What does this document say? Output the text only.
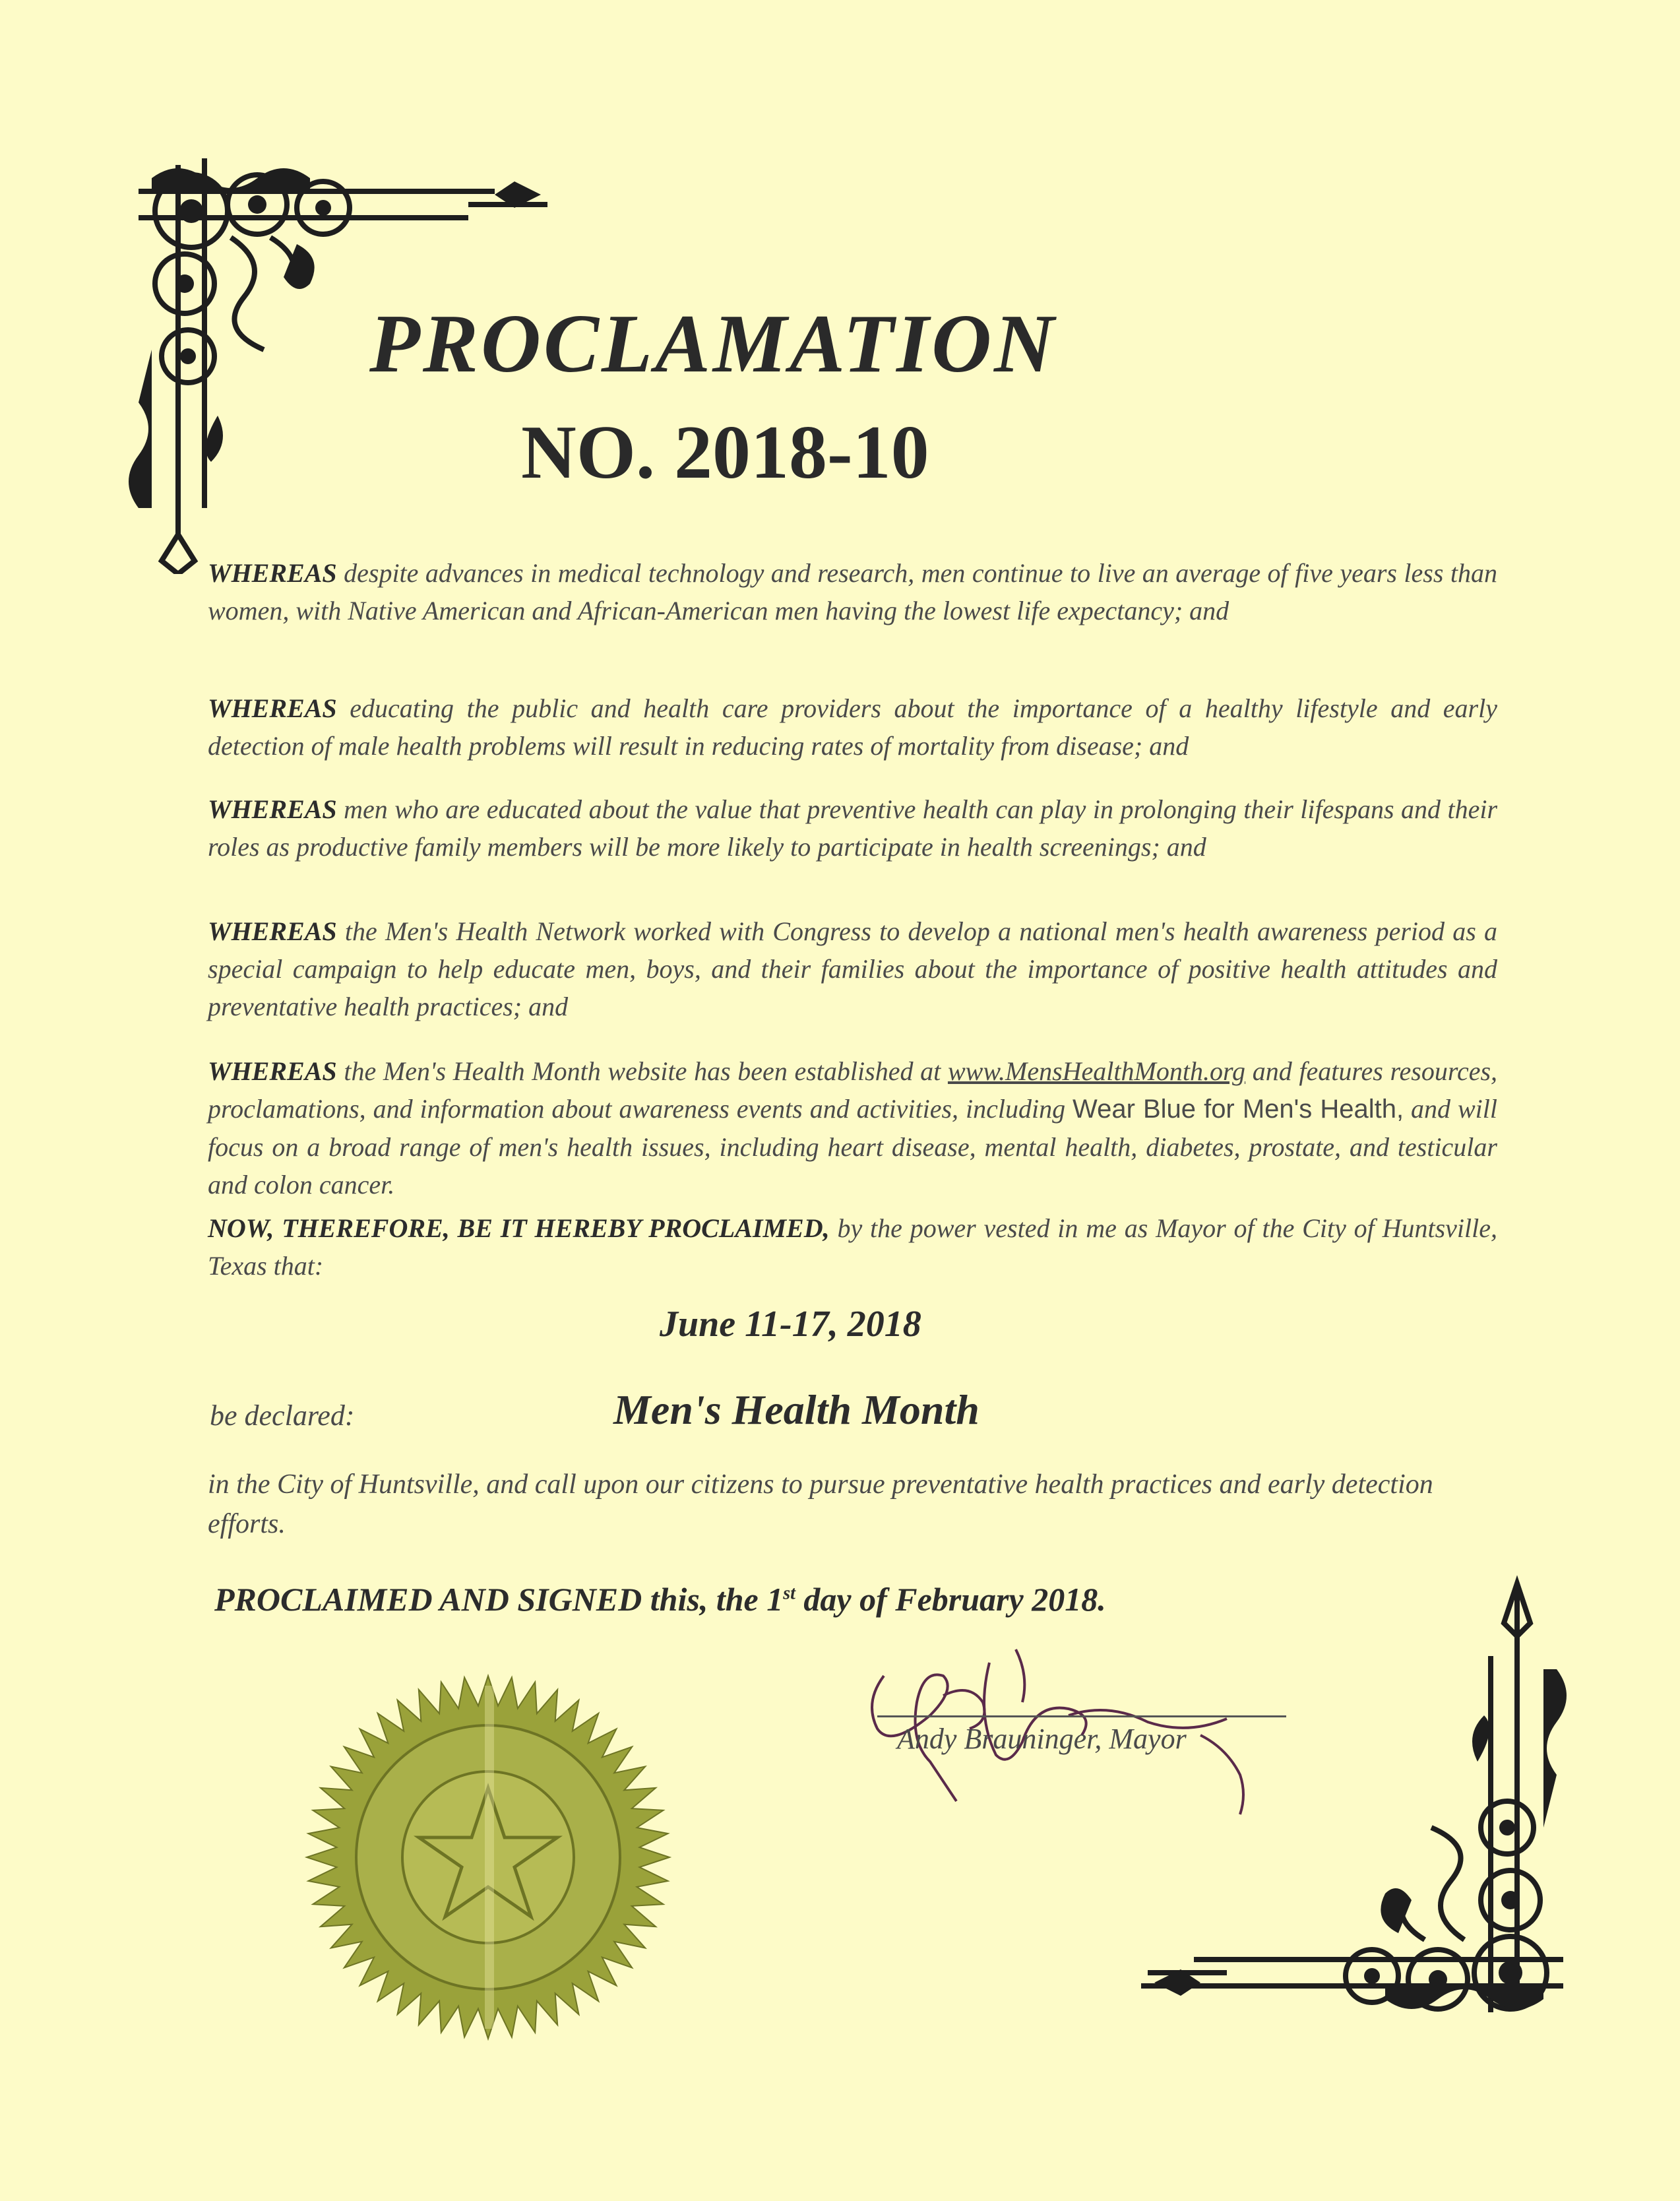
PROCLAMATION
NO. 2018-10

WHEREAS despite advances in medical technology and research, men continue to live an average of five years less than women, with Native American and African-American men having the lowest life expectancy; and

WHEREAS educating the public and health care providers about the importance of a healthy lifestyle and early detection of male health problems will result in reducing rates of mortality from disease; and

WHEREAS men who are educated about the value that preventive health can play in prolonging their lifespans and their roles as productive family members will be more likely to participate in health screenings; and

WHEREAS the Men's Health Network worked with Congress to develop a national men's health awareness period as a special campaign to help educate men, boys, and their families about the importance of positive health attitudes and preventative health practices; and

WHEREAS the Men's Health Month website has been established at www.MensHealthMonth.org and features resources, proclamations, and information about awareness events and activities, including Wear Blue for Men's Health, and will focus on a broad range of men's health issues, including heart disease, mental health, diabetes, prostate, and testicular and colon cancer.

NOW, THEREFORE, BE IT HEREBY PROCLAIMED, by the power vested in me as Mayor of the City of Huntsville, Texas that:

June 11-17, 2018
be declared:	Men's Health Month
in the City of Huntsville, and call upon our citizens to pursue preventative health practices and early detection efforts.
PROCLAIMED AND SIGNED this, the 1st day of February 2018.
Andy Brauninger, Mayor
